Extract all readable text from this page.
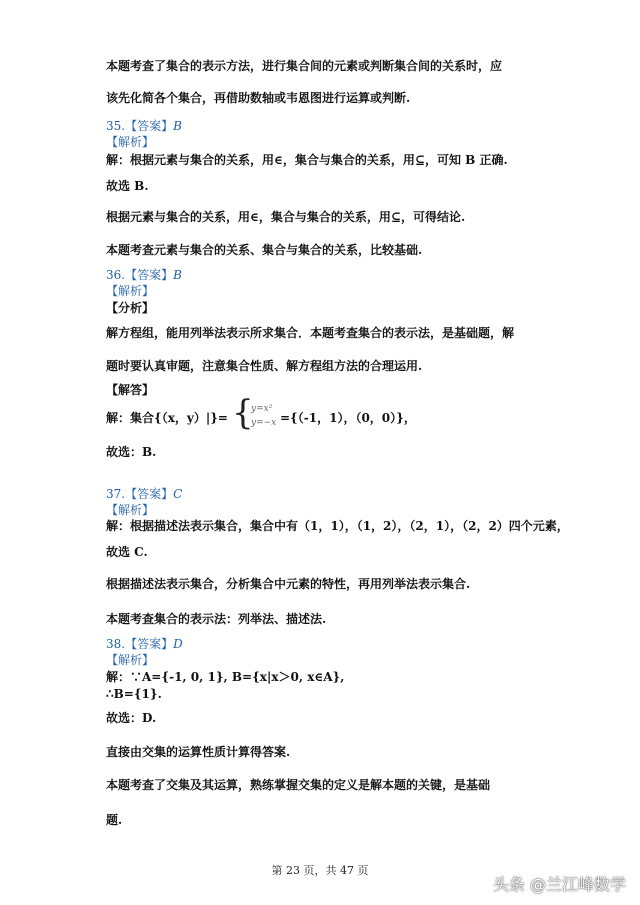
本题考查了集合的表示方法，进行集合间的元素或判断集合间的关系时，应
该先化简各个集合，再借助数轴或韦恩图进行运算或判断.
35.【答案】B
【解析】
解：根据元素与集合的关系，用∈，集合与集合的关系，用⊆，可知 B 正确.
故选 B.
根据元素与集合的关系，用∈，集合与集合的关系，用⊆，可得结论.
本题考查元素与集合的关系、集合与集合的关系，比较基础.
36.【答案】B
【解析】
【分析】
解方程组，能用列举法表示所求集合．本题考查集合的表示法，是基础题，解
题时要认真审题，注意集合性质、解方程组方法的合理运用.
【解答】
解：集合{（x，y）|}= {
y=x²
y=−x ={（-1，1），（0，0）}，
故选：B.
37.【答案】C
【解析】
解：根据描述法表示集合，集合中有（1，1），（1，2），（2，1），（2，2）四个元素，
故选 C.
根据描述法表示集合，分析集合中元素的特性，再用列举法表示集合.
本题考查集合的表示法：列举法、描述法.
38.【答案】D
【解析】
解：∵A={-1, 0, 1}, B={x|x＞0, x∈A},
∴B={1}.
故选：D.
直接由交集的运算性质计算得答案.
本题考查了交集及其运算，熟练掌握交集的定义是解本题的关键，是基础
题.
第 23 页，共 47 页
头条 @兰江峰数学
